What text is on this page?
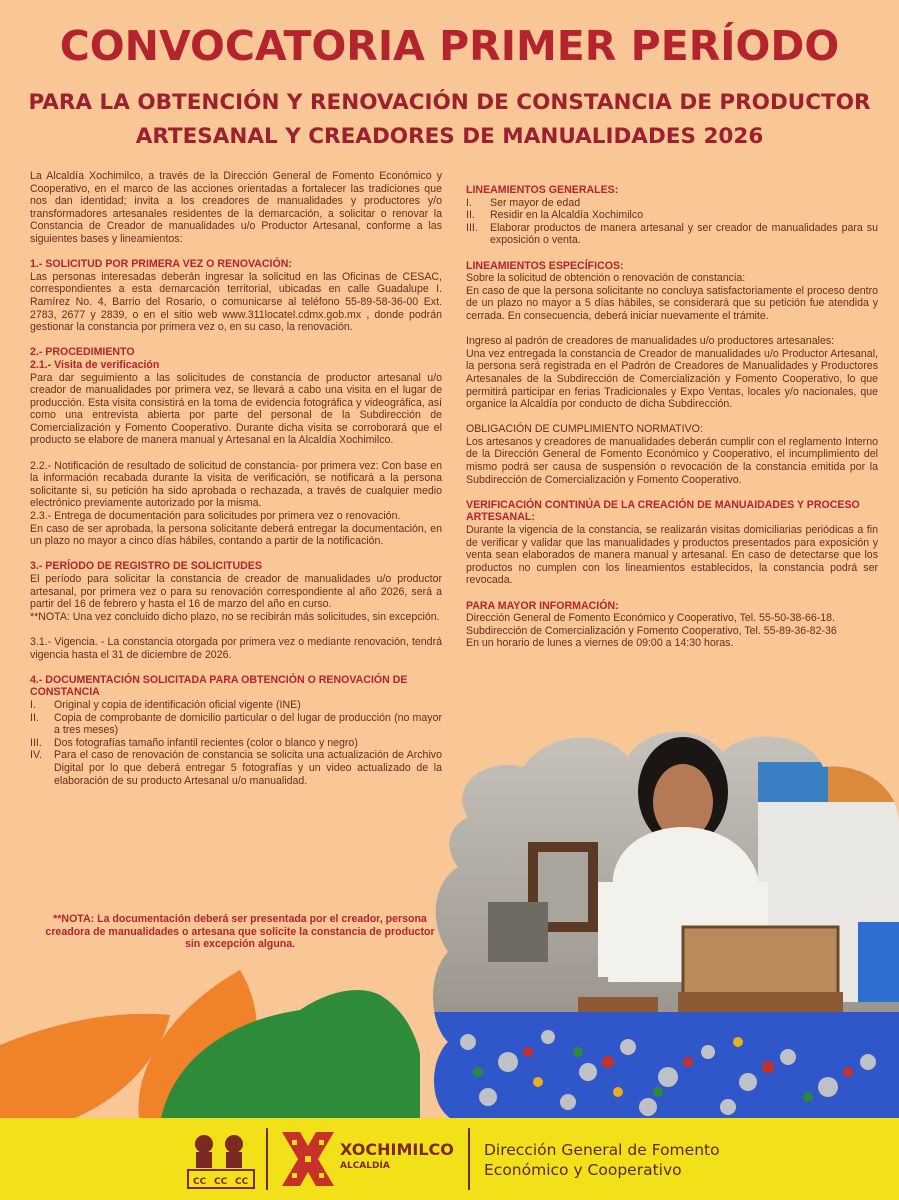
CONVOCATORIA PRIMER PERÍODO
PARA LA OBTENCIÓN Y RENOVACIÓN DE CONSTANCIA DE PRODUCTOR
ARTESANAL Y CREADORES DE MANUALIDADES 2026

La Alcaldía Xochimilco, a través de la Dirección General de Fomento Económico y Cooperativo, en el marco de las acciones orientadas a fortalecer las tradiciones que nos dan identidad; invita a los creadores de manualidades y productores y/o transformadores artesanales residentes de la demarcación, a solicitar o renovar la Constancia de Creador de manualidades u/o Productor Artesanal, conforme a las siguientes bases y lineamientos:

1.- SOLICITUD POR PRIMERA VEZ O RENOVACIÓN:

Las personas interesadas deberán ingresar la solicitud en las Oficinas de CESAC, correspondientes a esta demarcación territorial, ubicadas en calle Guadalupe I. Ramírez No. 4, Barrio del Rosario, o comunicarse al teléfono 55-89-58-36-00 Ext. 2783, 2677 y 2839, o en el sitio web www.311locatel.cdmx.gob.mx , donde podrán gestionar la constancia por primera vez o, en su caso, la renovación.

2.- PROCEDIMIENTO

2.1.- Visita de verificación

Para dar seguimiento a las solicitudes de constancia de productor artesanal u/o creador de manualidades por primera vez, se llevará a cabo una visita en el lugar de producción. Esta visita consistirá en la toma de evidencia fotográfica y videográfica, así como una entrevista abierta por parte del personal de la Subdirección de Comercialización y Fomento Cooperativo. Durante dicha visita se corroborará que el producto se elabore de manera manual y Artesanal en la Alcaldía Xochimilco.

2.2.- Notificación de resultado de solicitud de constancia- por primera vez: Con base en la información recabada durante la visita de verificación, se notificará a la persona solicitante si, su petición ha sido aprobada o rechazada, a través de cualquier medio electrónico previamente autorizado por la misma.

2.3.- Entrega de documentación para solicitudes por primera vez o renovación.

En caso de ser aprobada, la persona solicitante deberá entregar la documentación, en un plazo no mayor a cinco días hábiles, contando a partir de la notificación.

3.- PERÍODO DE REGISTRO DE SOLICITUDES

El período para solicitar la constancia de creador de manualidades u/o productor artesanal, por primera vez o para su renovación correspondiente al año 2026, será a partir del 16 de febrero y hasta el 16 de marzo del año en curso.

**NOTA: Una vez concluido dicho plazo, no se recibirán más solicitudes, sin excepción.

3.1.- Vigencia. - La constancia otorgada por primera vez o mediante renovación, tendrá vigencia hasta el 31 de diciembre de 2026.

4.- DOCUMENTACIÓN SOLICITADA PARA OBTENCIÓN O RENOVACIÓN DE CONSTANCIA

I.	Original y copia de identificación oficial vigente (INE)
II.	Copia de comprobante de domicilio particular o del lugar de producción (no mayor a tres meses)
III.	Dos fotografías tamaño infantil recientes (color o blanco y negro)
IV.	Para el caso de renovación de constancia se solicita una actualización de Archivo Digital por lo que deberá entregar 5 fotografías y un video actualizado de la elaboración de su producto Artesanal u/o manualidad.
**NOTA: La documentación deberá ser presentada por el creador, persona creadora de manualidades o artesana que solicite la constancia de productor sin excepción alguna.

LINEAMIENTOS GENERALES:

I.	Ser mayor de edad
II.	Residir en la Alcaldía Xochimilco
III.	Elaborar productos de manera artesanal y ser creador de manualidades para su exposición o venta.

LINEAMIENTOS ESPECÍFICOS:

Sobre la solicitud de obtención o renovación de constancia:

En caso de que la persona solicitante no concluya satisfactoriamente el proceso dentro de un plazo no mayor a 5 días hábiles, se considerará que su petición fue atendida y cerrada. En consecuencia, deberá iniciar nuevamente el trámite.

Ingreso al padrón de creadores de manualidades u/o productores artesanales:

Una vez entregada la constancia de Creador de manualidades u/o Productor Artesanal, la persona será registrada en el Padrón de Creadores de Manualidades y Productores Artesanales de la Subdirección de Comercialización y Fomento Cooperativo, lo que permitirá participar en ferias Tradicionales y Expo Ventas, locales y/o nacionales, que organice la Alcaldía por conducto de dicha Subdirección.

OBLIGACIÓN DE CUMPLIMIENTO NORMATIVO:

Los artesanos y creadores de manualidades deberán cumplir con el reglamento Interno de la Dirección General de Fomento Económico y Cooperativo, el incumplimiento del mismo podrá ser causa de suspensión o revocación de la constancia emitida por la Subdirección de Comercialización y Fomento Cooperativo.

VERIFICACIÓN CONTINÚA DE LA CREACIÓN DE MANUAIDADES Y PROCESO ARTESANAL:

Durante la vigencia de la constancia, se realizarán visitas domiciliarias periódicas a fin de verificar y validar que las manualidades y productos presentados para exposición y venta sean elaborados de manera manual y artesanal. En caso de detectarse que los productos no cumplen con los lineamientos establecidos, la constancia podrá ser revocada.

PARA MAYOR INFORMACIÓN:

Dirección General de Fomento Económico y Cooperativo, Tel. 55-50-38-66-18.

Subdirección de Comercialización y Fomento Cooperativo, Tel. 55-89-36-82-36

En un horario de lunes a viernes de 09:00 a 14:30 horas.

CC CC CC
XOCHIMILCO
ALCALDÍA
Dirección General de Fomento
Económico y Cooperativo
